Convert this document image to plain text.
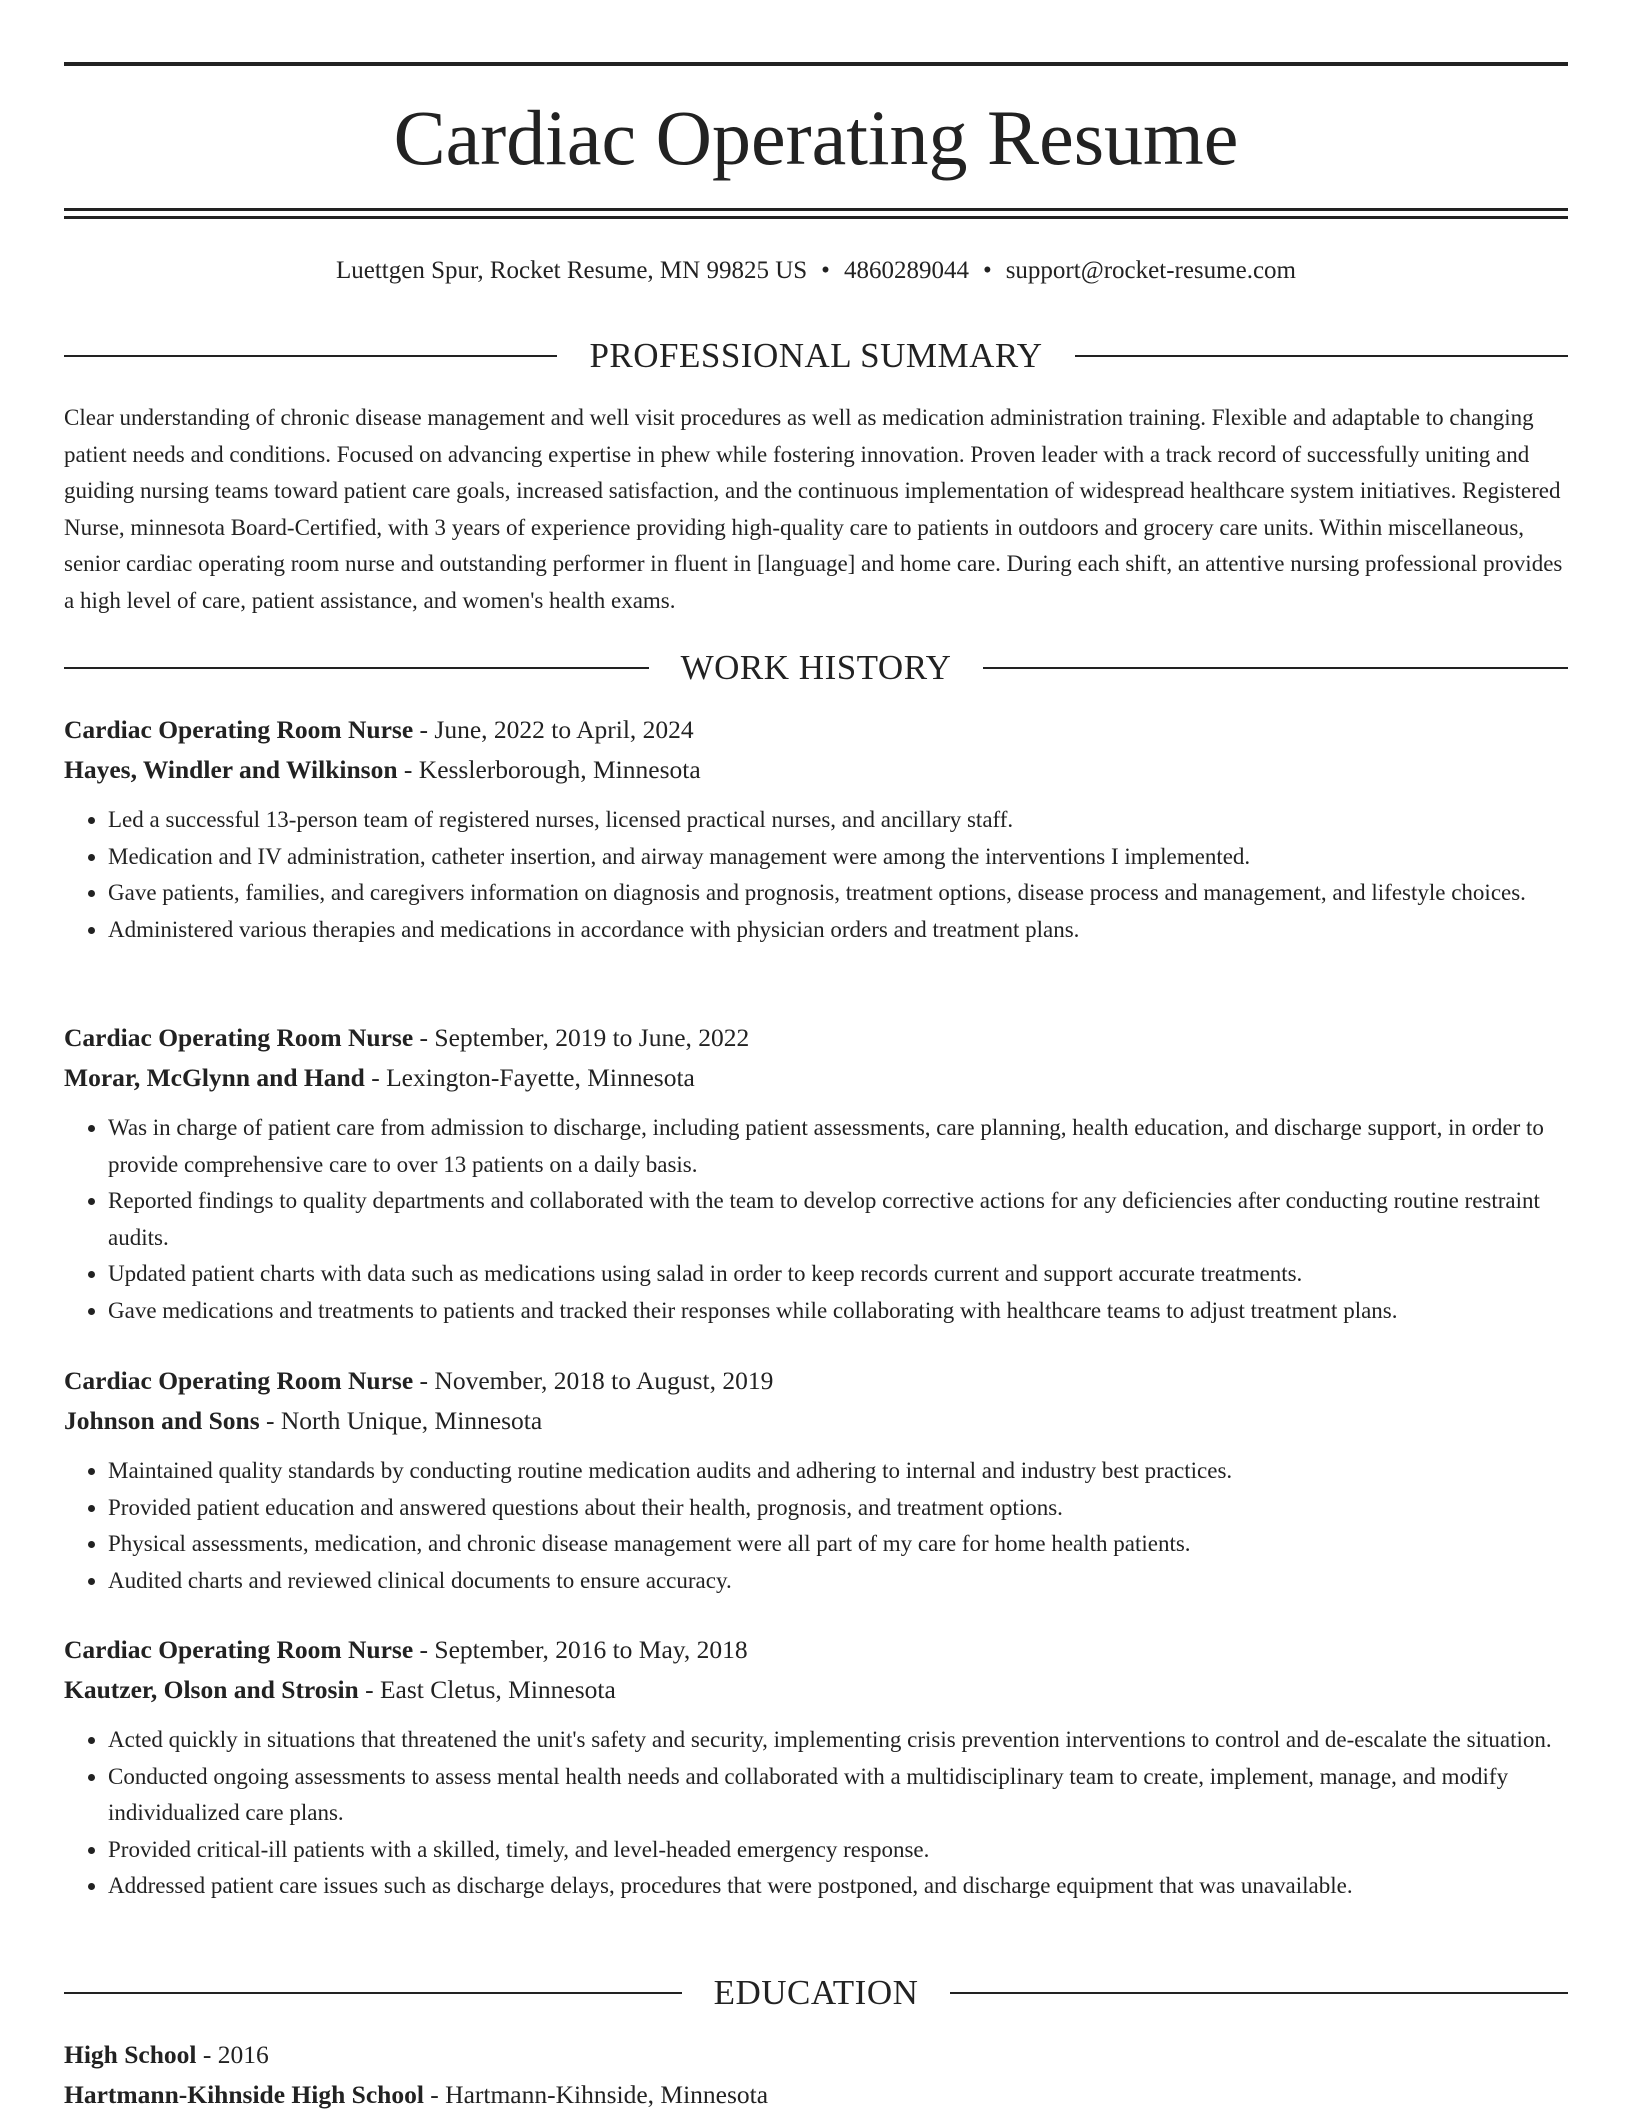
Cardiac Operating Resume
Luettgen Spur, Rocket Resume, MN 99825 US • 4860289044 • support@rocket-resume.com
PROFESSIONAL SUMMARY
Clear understanding of chronic disease management and well visit procedures as well as medication administration training. Flexible and adaptable to changing patient needs and conditions. Focused on advancing expertise in phew while fostering innovation. Proven leader with a track record of successfully uniting and guiding nursing teams toward patient care goals, increased satisfaction, and the continuous implementation of widespread healthcare system initiatives. Registered Nurse, minnesota Board-Certified, with 3 years of experience providing high-quality care to patients in outdoors and grocery care units. Within miscellaneous, senior cardiac operating room nurse and outstanding performer in fluent in [language] and home care. During each shift, an attentive nursing professional provides a high level of care, patient assistance, and women's health exams.
WORK HISTORY
Cardiac Operating Room Nurse - June, 2022 to April, 2024
Hayes, Windler and Wilkinson - Kesslerborough, Minnesota
• Led a successful 13-person team of registered nurses, licensed practical nurses, and ancillary staff.
• Medication and IV administration, catheter insertion, and airway management were among the interventions I implemented.
• Gave patients, families, and caregivers information on diagnosis and prognosis, treatment options, disease process and management, and lifestyle choices.
• Administered various therapies and medications in accordance with physician orders and treatment plans.
Cardiac Operating Room Nurse - September, 2019 to June, 2022
Morar, McGlynn and Hand - Lexington-Fayette, Minnesota
• Was in charge of patient care from admission to discharge, including patient assessments, care planning, health education, and discharge support, in order to provide comprehensive care to over 13 patients on a daily basis.
• Reported findings to quality departments and collaborated with the team to develop corrective actions for any deficiencies after conducting routine restraint audits.
• Updated patient charts with data such as medications using salad in order to keep records current and support accurate treatments.
• Gave medications and treatments to patients and tracked their responses while collaborating with healthcare teams to adjust treatment plans.
Cardiac Operating Room Nurse - November, 2018 to August, 2019
Johnson and Sons - North Unique, Minnesota
• Maintained quality standards by conducting routine medication audits and adhering to internal and industry best practices.
• Provided patient education and answered questions about their health, prognosis, and treatment options.
• Physical assessments, medication, and chronic disease management were all part of my care for home health patients.
• Audited charts and reviewed clinical documents to ensure accuracy.
Cardiac Operating Room Nurse - September, 2016 to May, 2018
Kautzer, Olson and Strosin - East Cletus, Minnesota
• Acted quickly in situations that threatened the unit's safety and security, implementing crisis prevention interventions to control and de-escalate the situation.
• Conducted ongoing assessments to assess mental health needs and collaborated with a multidisciplinary team to create, implement, manage, and modify individualized care plans.
• Provided critical-ill patients with a skilled, timely, and level-headed emergency response.
• Addressed patient care issues such as discharge delays, procedures that were postponed, and discharge equipment that was unavailable.
EDUCATION
High School - 2016
Hartmann-Kihnside High School - Hartmann-Kihnside, Minnesota
